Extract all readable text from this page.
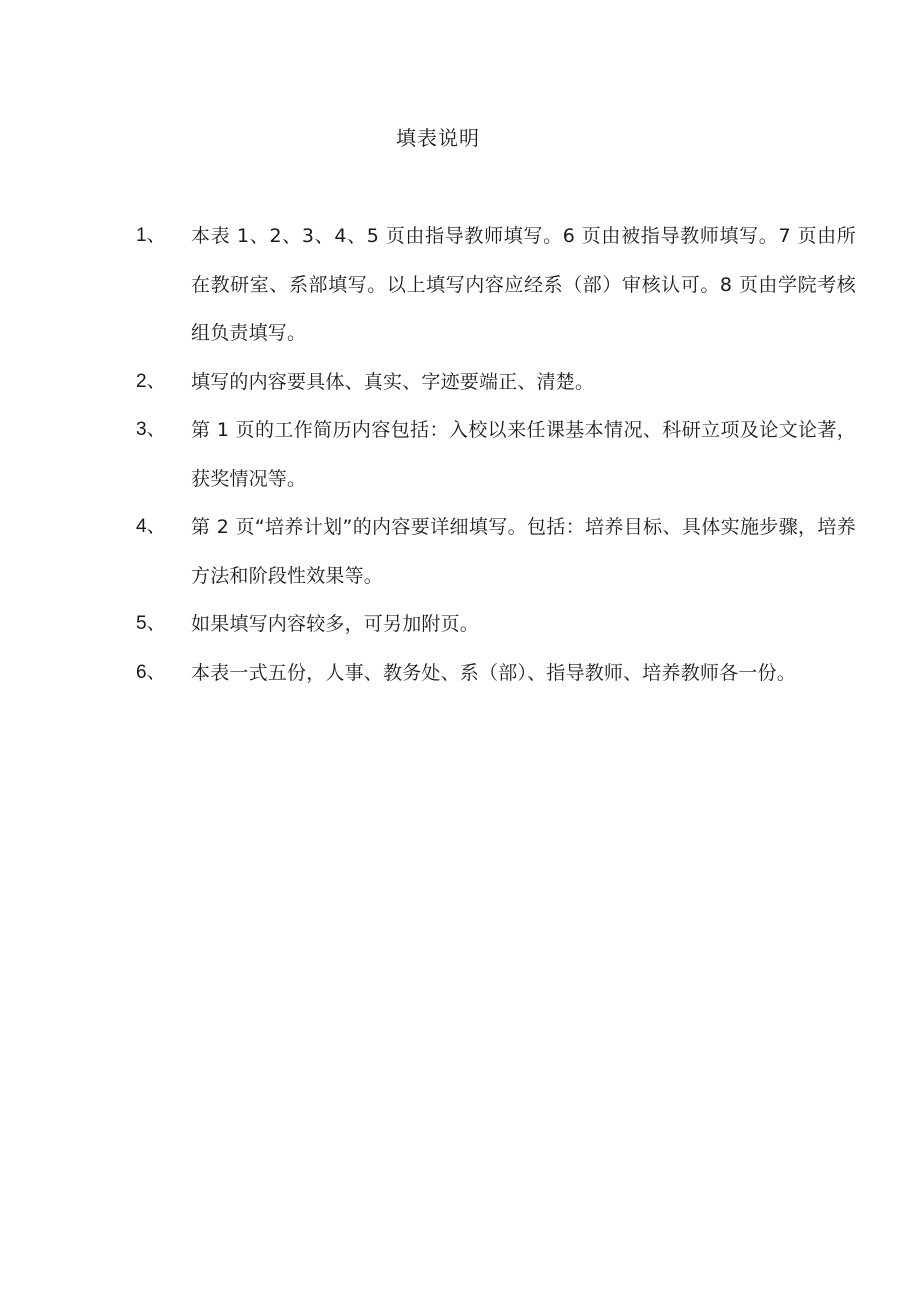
填表说明
1、	本表 1、2、3、4、5 页由指导教师填写。6 页由被指导教师填写。7 页由所在教研室、系部填写。以上填写内容应经系（部）审核认可。8 页由学院考核组负责填写。
2、	填写的内容要具体、真实、字迹要端正、清楚。
3、	第 1 页的工作简历内容包括：入校以来任课基本情况、科研立项及论文论著，获奖情况等。
4、	第 2 页“培养计划”的内容要详细填写。包括：培养目标、具体实施步骤，培养方法和阶段性效果等。
5、	如果填写内容较多，可另加附页。
6、	本表一式五份，人事、教务处、系（部）、指导教师、培养教师各一份。
